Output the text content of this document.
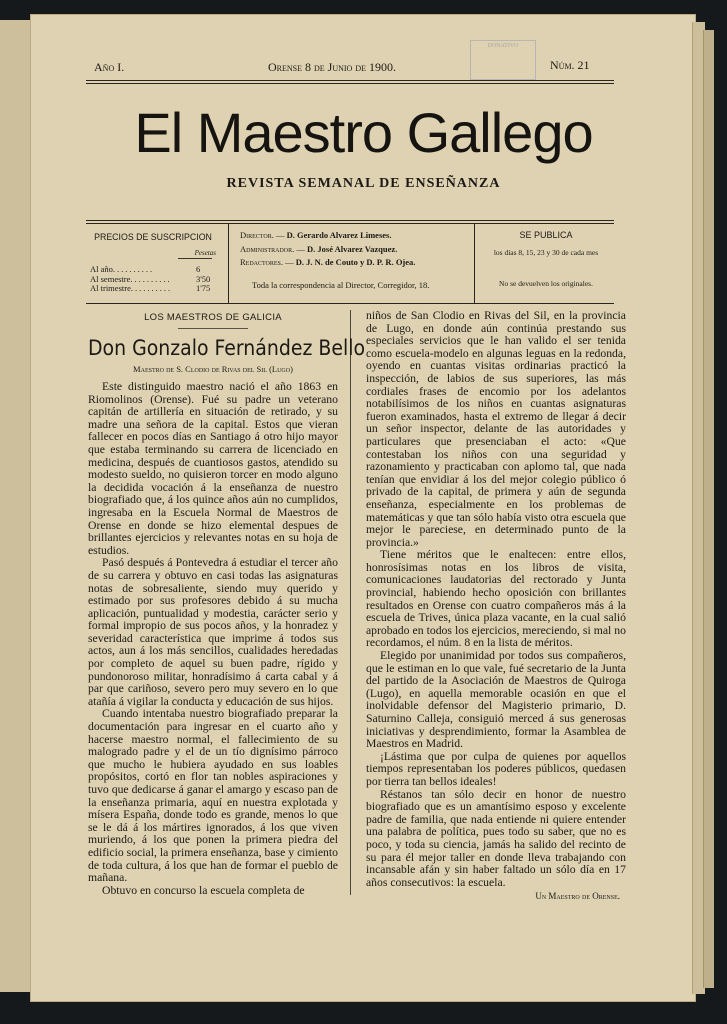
DONATIVO
Año I.	Orense 8 de Junio de 1900.	Núm. 21
El Maestro Gallego
REVISTA SEMANAL DE ENSEÑANZA
PRECIOS DE SUSCRIPCION
Pesetas
Al año ..........	6
Al semestre ..........	3'50
Al trimestre ..........	1'75
Director. — D. Gerardo Alvarez Limeses.
Administrador. — D. José Alvarez Vazquez.
Redactores. — D. J. N. de Couto y D. P. R. Ojea.
Toda la correspondencia al Director, Corregidor, 18.
SE PUBLICA
los días 8, 15, 23 y 30 de cada mes
No se devuelven los originales.
LOS MAESTROS DE GALICIA
Don Gonzalo Fernández Bello
Maestro de S. Clodio de Rivas del Sil (Lugo)

Este distinguido maestro nació el año 1863 en Riomolinos (Orense). Fué su padre un veterano capitán de artillería en situación de retirado, y su madre una señora de la capital. Estos que vieran fallecer en pocos días en Santiago á otro hijo mayor que estaba terminando su carrera de licenciado en medicina, después de cuantiosos gastos, atendido su modesto sueldo, no quisieron torcer en modo alguno la decidida vocación á la enseñanza de nuestro biografiado que, á los quince años aún no cumplidos, ingresaba en la Escuela Normal de Maestros de Orense en donde se hizo elemental despues de brillantes ejercicios y relevantes notas en su hoja de estudios.

Pasó después á Pontevedra á estudiar el tercer año de su carrera y obtuvo en casi todas las asignaturas notas de sobresaliente, siendo muy querido y estimado por sus profesores debido á su mucha aplicación, puntualidad y modestia, carácter serio y formal impropio de sus pocos años, y la honradez y severidad característica que imprime á todos sus actos, aun á los más sencillos, cualidades heredadas por completo de aquel su buen padre, rígido y pundonoroso militar, honradísimo á carta cabal y á par que cariñoso, severo pero muy severo en lo que atañía á vigilar la conducta y educación de sus hijos.

Cuando intentaba nuestro biografiado preparar la documentación para ingresar en el cuarto año y hacerse maestro normal, el fallecimiento de su malogrado padre y el de un tío dignísimo párroco que mucho le hubiera ayudado en sus loables propósitos, cortó en flor tan nobles aspiraciones y tuvo que dedicarse á ganar el amargo y escaso pan de la enseñanza primaria, aquí en nuestra explotada y mísera España, donde todo es grande, menos lo que se le dá á los mártires ignorados, á los que viven muriendo, á los que ponen la primera piedra del edificio social, la primera enseñanza, base y cimiento de toda cultura, á los que han de formar el pueblo de mañana.

Obtuvo en concurso la escuela completa de

niños de San Clodio en Rivas del Sil, en la provincia de Lugo, en donde aún continúa prestando sus especiales servicios que le han valido el ser tenida como escuela-modelo en algunas leguas en la redonda, oyendo en cuantas visitas ordinarias practicó la inspección, de labios de sus superiores, las más cordiales frases de encomio por los adelantos notabilísimos de los niños en cuantas asignaturas fueron examinados, hasta el extremo de llegar á decir un señor inspector, delante de las autoridades y particulares que presenciaban el acto: «Que contestaban los niños con una seguridad y razonamiento y practicaban con aplomo tal, que nada tenían que envidiar á los del mejor colegio público ó privado de la capital, de primera y aún de segunda enseñanza, especialmente en los problemas de matemáticas y que tan sólo había visto otra escuela que mejor le pareciese, en determinado punto de la provincia.»

Tiene méritos que le enaltecen: entre ellos, honrosísimas notas en los libros de visita, comunicaciones laudatorias del rectorado y Junta provincial, habiendo hecho oposición con brillantes resultados en Orense con cuatro compañeros más á la escuela de Trives, única plaza vacante, en la cual salió aprobado en todos los ejercicios, mereciendo, si mal no recordamos, el núm. 8 en la lista de méritos.

Elegido por unanimidad por todos sus compañeros, que le estiman en lo que vale, fué secretario de la Junta del partido de la Asociación de Maestros de Quiroga (Lugo), en aquella memorable ocasión en que el inolvidable defensor del Magisterio primario, D. Saturnino Calleja, consiguió merced á sus generosas iniciativas y desprendimiento, formar la Asamblea de Maestros en Madrid.

¡Lástima que por culpa de quienes por aquellos tiempos representaban los poderes públicos, quedasen por tierra tan bellos ideales!

Réstanos tan sólo decir en honor de nuestro biografiado que es un amantísimo esposo y excelente padre de familia, que nada entiende ni quiere entender una palabra de política, pues todo su saber, que no es poco, y toda su ciencia, jamás ha salido del recinto de su para él mejor taller en donde lleva trabajando con incansable afán y sin haber faltado un sólo día en 17 años consecutivos: la escuela.

Un Maestro de Orense.
